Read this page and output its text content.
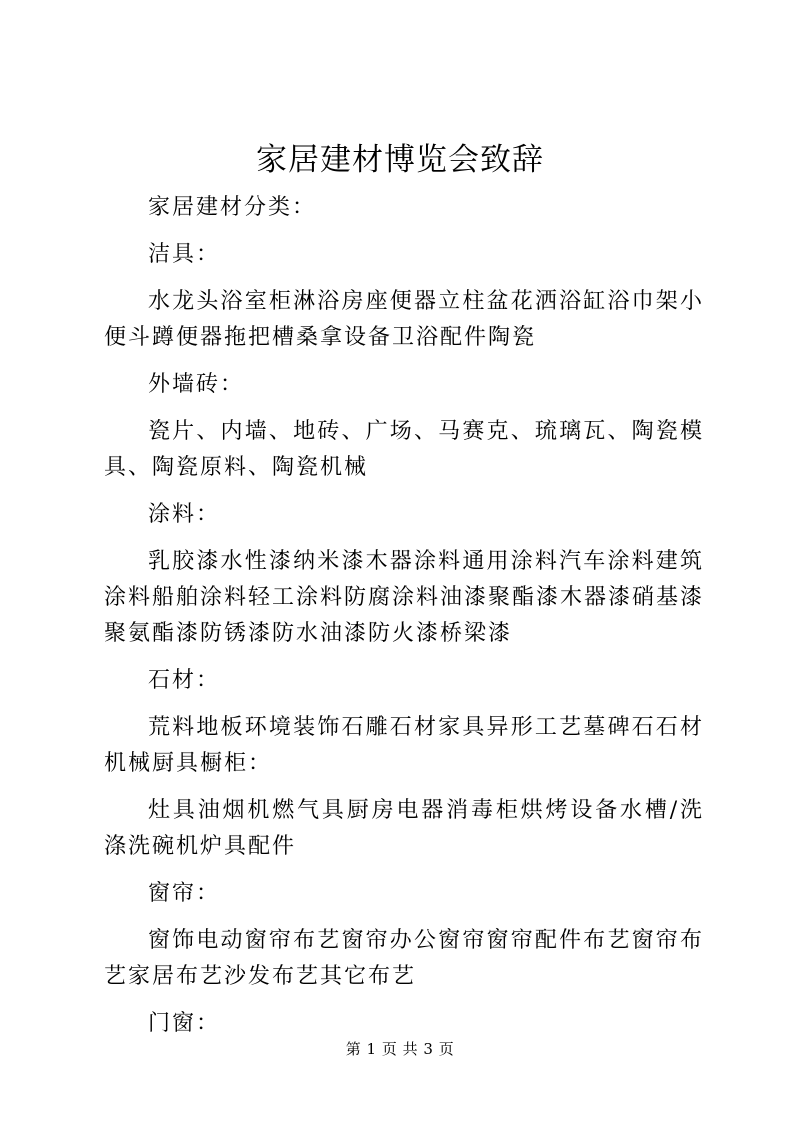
家居建材博览会致辞

家居建材分类：

洁具：

水龙头浴室柜淋浴房座便器立柱盆花洒浴缸浴巾架小便斗蹲便器拖把槽桑拿设备卫浴配件陶瓷

外墙砖：

瓷片、内墙、地砖、广场、马赛克、琉璃瓦、陶瓷模具、陶瓷原料、陶瓷机械

涂料：

乳胶漆水性漆纳米漆木器涂料通用涂料汽车涂料建筑涂料船舶涂料轻工涂料防腐涂料油漆聚酯漆木器漆硝基漆聚氨酯漆防锈漆防水油漆防火漆桥梁漆

石材：

荒料地板环境装饰石雕石材家具异形工艺墓碑石石材机械厨具橱柜：

灶具油烟机燃气具厨房电器消毒柜烘烤设备水槽/洗涤洗碗机炉具配件

窗帘：

窗饰电动窗帘布艺窗帘办公窗帘窗帘配件布艺窗帘布艺家居布艺沙发布艺其它布艺

门窗：

第 1 页 共 3 页
